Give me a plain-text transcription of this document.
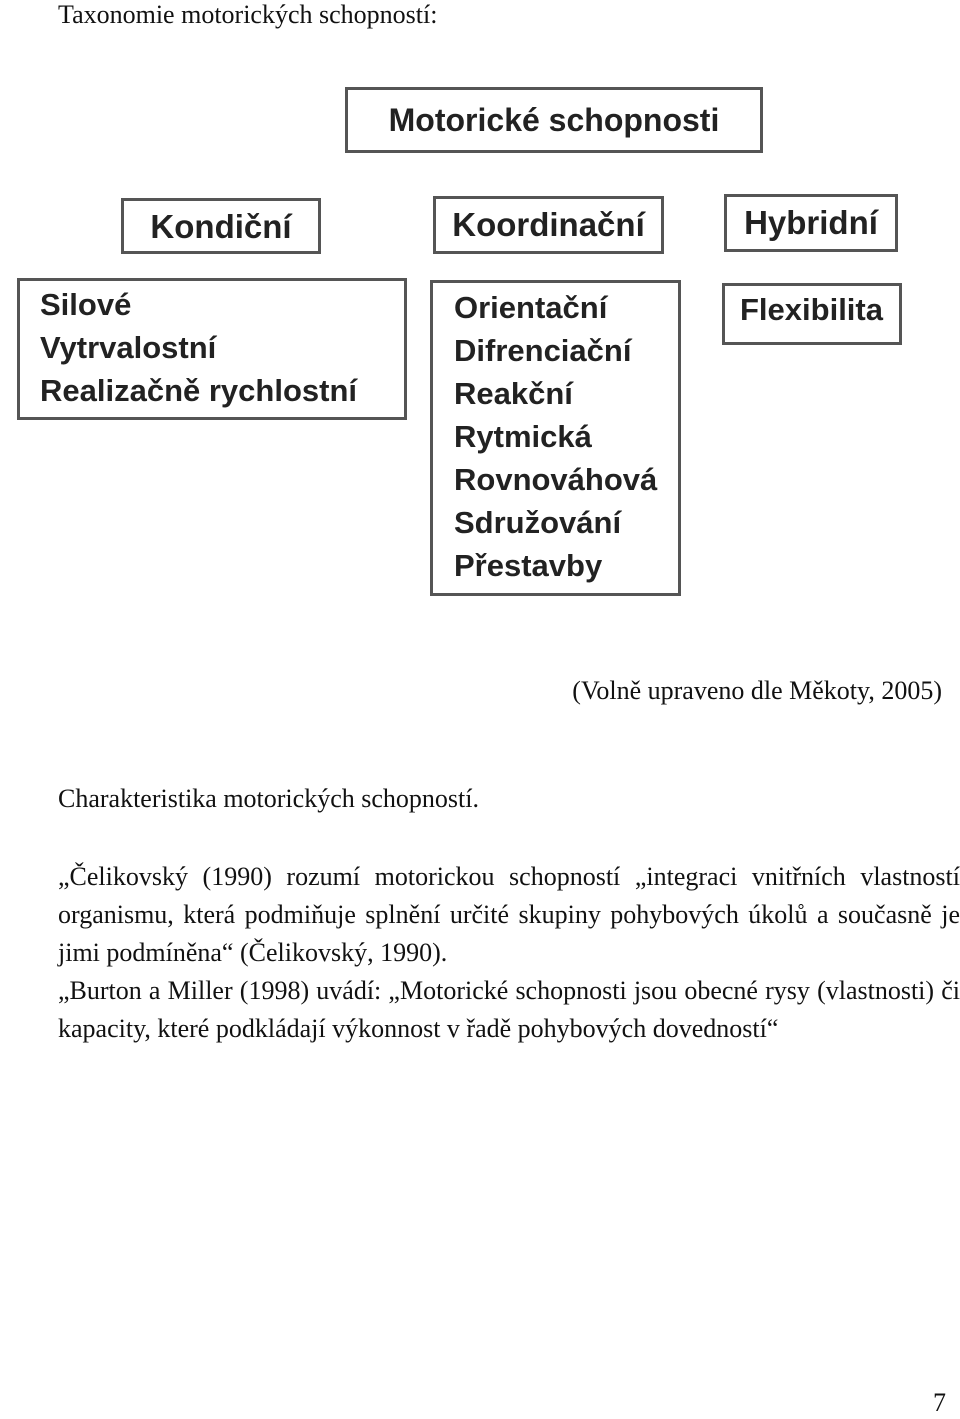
Taxonomie motorických schopností:
Motorické schopnosti
Kondiční	Koordinační	Hybridní
Silové
Vytrvalostní
Realizačně rychlostní
Orientační
Difrenciační
Reakční
Rytmická
Rovnováhová
Sdružování
Přestavby
Flexibilita
(Volně upraveno dle Měkoty, 2005)
Charakteristika motorických schopností.
„Čelikovský (1990) rozumí motorickou schopností „integraci vnitřních vlastností organismu, která podmiňuje splnění určité skupiny pohybových úkolů a současně je jimi podmíněna“ (Čelikovský, 1990).
„Burton a Miller (1998) uvádí: „Motorické schopnosti jsou obecné rysy (vlastnosti) či kapacity, které podkládají výkonnost v řadě pohybových dovedností“
7
